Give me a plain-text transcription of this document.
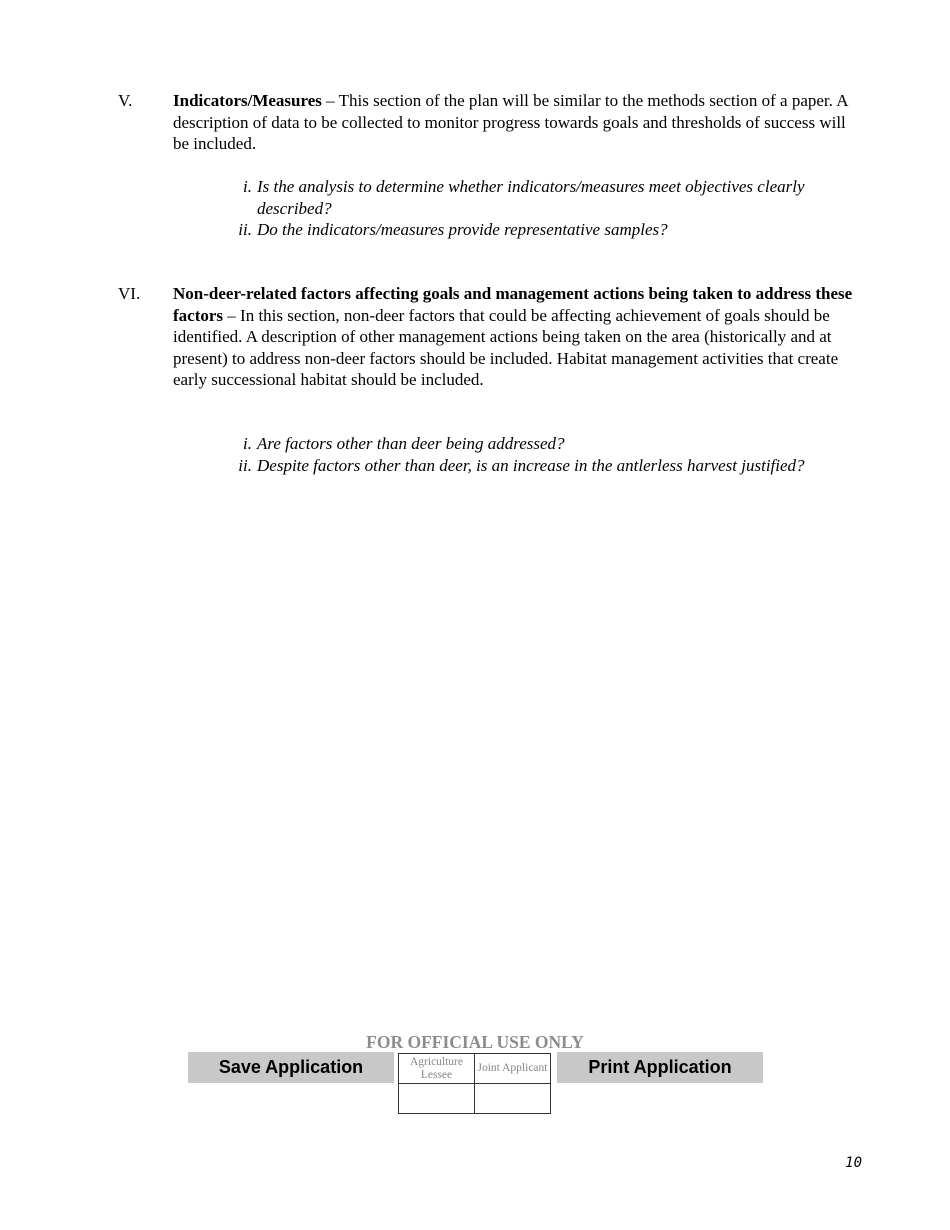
V. Indicators/Measures – This section of the plan will be similar to the methods section of a paper. A description of data to be collected to monitor progress towards goals and thresholds of success will be included.
i. Is the analysis to determine whether indicators/measures meet objectives clearly described?
ii. Do the indicators/measures provide representative samples?
VI. Non-deer-related factors affecting goals and management actions being taken to address these factors – In this section, non-deer factors that could be affecting achievement of goals should be identified. A description of other management actions being taken on the area (historically and at present) to address non-deer factors should be included. Habitat management activities that create early successional habitat should be included.
i. Are factors other than deer being addressed?
ii. Despite factors other than deer, is an increase in the antlerless harvest justified?
FOR OFFICIAL USE ONLY
Save Application	Agriculture Lessee	Joint Applicant
		Print Application
10
